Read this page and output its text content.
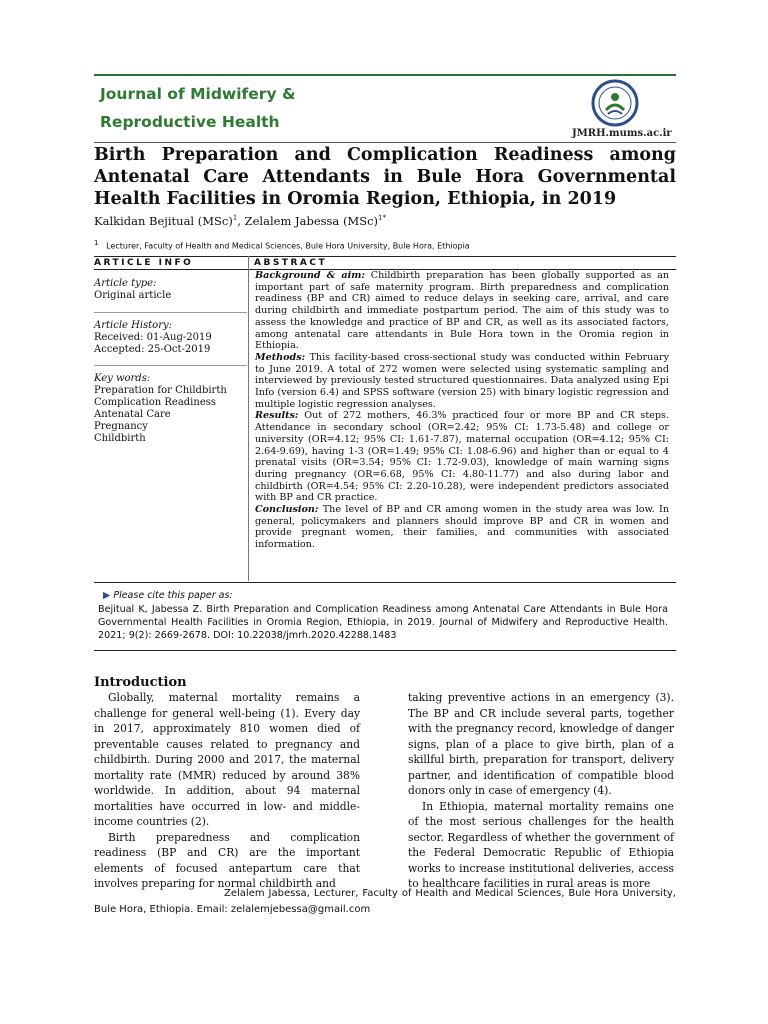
Journal of Midwifery &
Reproductive Health
JMRH.mums.ac.ir
Birth Preparation and Complication Readiness among Antenatal Care Attendants in Bule Hora Governmental Health Facilities in Oromia Region, Ethiopia, in 2019
Kalkidan Bejitual (MSc)$^1$, Zelalem Jabessa (MSc)$^{1*}$
$^1$ Lecturer, Faculty of Health and Medical Sciences, Bule Hora University, Bule Hora, Ethiopia
ARTICLE INFO	ABSTRACT
Article type:
Original article
Article History:
Received: 01-Aug-2019
Accepted: 25-Oct-2019
Key words:
Preparation for Childbirth
Complication Readiness
Antenatal Care
Pregnancy
Childbirth

Background & aim: Childbirth preparation has been globally supported as an important part of safe maternity program. Birth preparedness and complication readiness (BP and CR) aimed to reduce delays in seeking care, arrival, and care during childbirth and immediate postpartum period. The aim of this study was to assess the knowledge and practice of BP and CR, as well as its associated factors, among antenatal care attendants in Bule Hora town in the Oromia region in Ethiopia.

Methods: This facility-based cross-sectional study was conducted within February to June 2019. A total of 272 women were selected using systematic sampling and interviewed by previously tested structured questionnaires. Data analyzed using Epi Info (version 6.4) and SPSS software (version 25) with binary logistic regression and multiple logistic regression analyses.

Results: Out of 272 mothers, 46.3% practiced four or more BP and CR steps. Attendance in secondary school (OR=2.42; 95% CI: 1.73-5.48) and college or university (OR=4.12; 95% CI: 1.61-7.87), maternal occupation (OR=4.12; 95% CI: 2.64-9.69), having 1-3 (OR=1.49; 95% CI: 1.08-6.96) and higher than or equal to 4 prenatal visits (OR=3.54; 95% CI: 1.72-9.03), knowledge of main warning signs during pregnancy (OR=6.68, 95% CI: 4.80-11.77) and also during labor and childbirth (OR=4.54; 95% CI: 2.20-10.28), were independent predictors associated with BP and CR practice.

Conclusion: The level of BP and CR among women in the study area was low. In general, policymakers and planners should improve BP and CR in women and provide pregnant women, their families, and communities with associated information.

▶ Please cite this paper as:
Bejitual K, Jabessa Z. Birth Preparation and Complication Readiness among Antenatal Care Attendants in Bule Hora Governmental Health Facilities in Oromia Region, Ethiopia, in 2019. Journal of Midwifery and Reproductive Health. 2021; 9(2): 2669-2678. DOI: 10.22038/jmrh.2020.42288.1483
Introduction

Globally, maternal mortality remains a challenge for general well-being (1). Every day in 2017, approximately 810 women died of preventable causes related to pregnancy and childbirth. During 2000 and 2017, the maternal mortality rate (MMR) reduced by around 38% worldwide. In addition, about 94 maternal mortalities have occurred in low- and middle-income countries (2).

Birth preparedness and complication readiness (BP and CR) are the important elements of focused antepartum care that involves preparing for normal childbirth and

taking preventive actions in an emergency (3). The BP and CR include several parts, together with the pregnancy record, knowledge of danger signs, plan of a place to give birth, plan of a skillful birth, preparation for transport, delivery partner, and identification of compatible blood donors only in case of emergency (4).

In Ethiopia, maternal mortality remains one of the most serious challenges for the health sector. Regardless of whether the government of the Federal Democratic Republic of Ethiopia works to increase institutional deliveries, access to healthcare facilities in rural areas is more

Zelalem Jabessa, Lecturer, Faculty of Health and Medical Sciences, Bule Hora University, Bule Hora, Ethiopia. Email: zelalemjebessa@gmail.com
